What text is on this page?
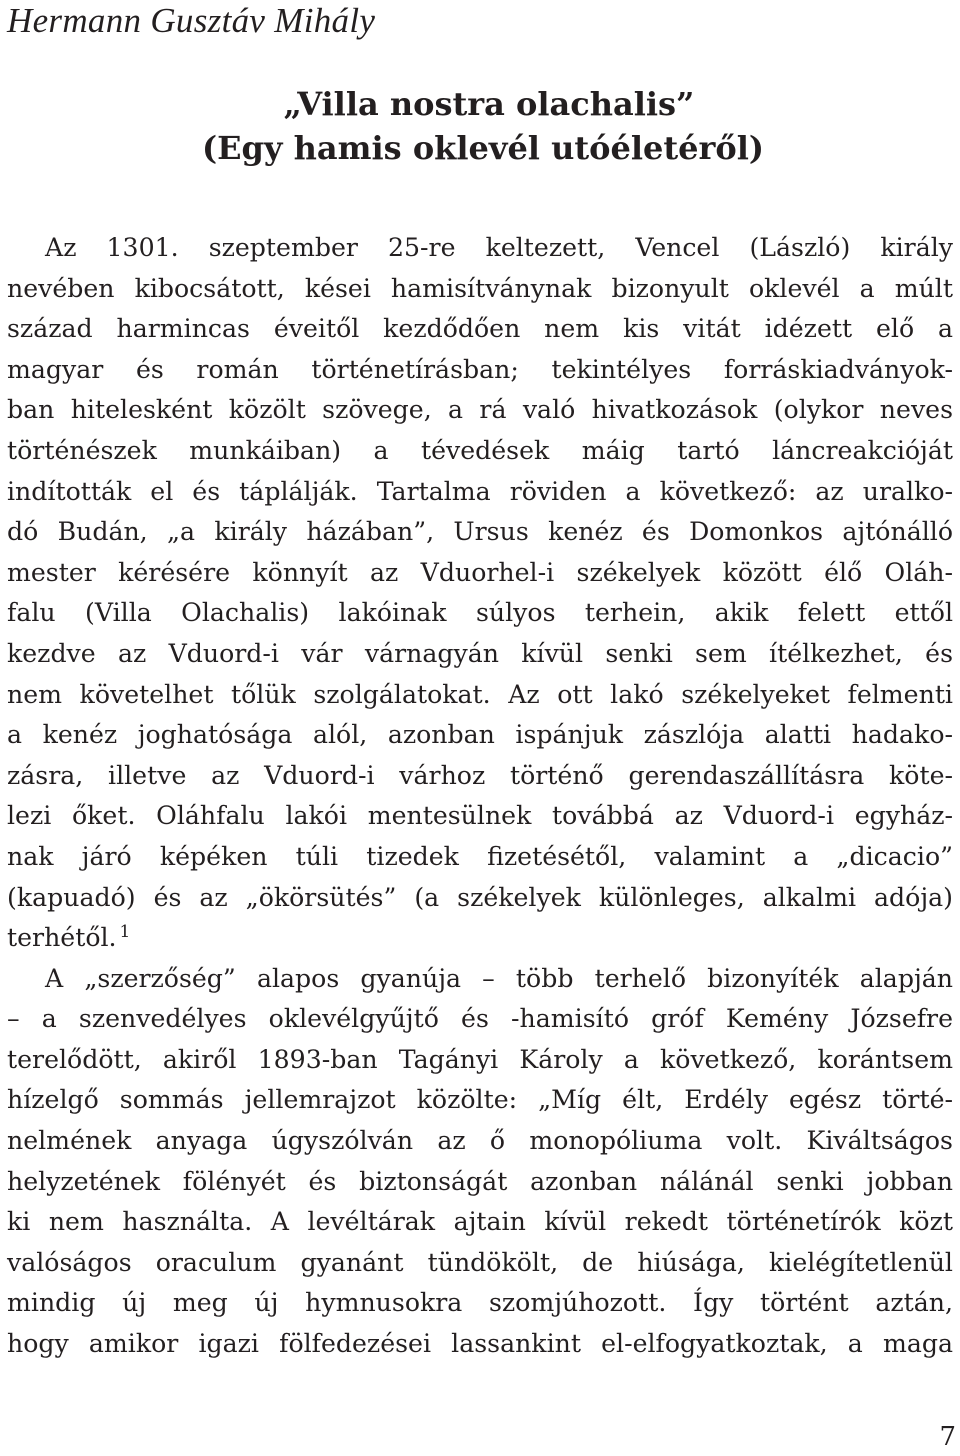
Hermann Gusztáv Mihály
„Villa nostra olachalis”
(Egy hamis oklevél utóéletéről)
Az 1301. szeptember 25-re keltezett, Vencel (László) király
nevében kibocsátott, kései hamisítványnak bizonyult oklevél a múlt
század harmincas éveitől kezdődően nem kis vitát idézett elő a
magyar és román történetírásban; tekintélyes forráskiadványok-
ban hitelesként közölt szövege, a rá való hivatkozások (olykor neves
történészek munkáiban) a tévedések máig tartó láncreakcióját
indították el és táplálják. Tartalma röviden a következő: az uralko-
dó Budán, „a király házában”, Ursus kenéz és Domonkos ajtónálló
mester kérésére könnyít az Vduorhel-i székelyek között élő Oláh-
falu (Villa Olachalis) lakóinak súlyos terhein, akik felett ettől
kezdve az Vduord-i vár várnagyán kívül senki sem ítélkezhet, és
nem követelhet tőlük szolgálatokat. Az ott lakó székelyeket felmenti
a kenéz joghatósága alól, azonban ispánjuk zászlója alatti hadako-
zásra, illetve az Vduord-i várhoz történő gerendaszállításra köte-
lezi őket. Oláhfalu lakói mentesülnek továbbá az Vduord-i egyház-
nak járó képéken túli tizedek fizetésétől, valamint a „dicacio”
(kapuadó) és az „ökörsütés” (a székelyek különleges, alkalmi adója)
terhétől. $^1$
A „szerzőség” alapos gyanúja – több terhelő bizonyíték alapján
– a szenvedélyes oklevélgyűjtő és -hamisító gróf Kemény Józsefre
terelődött, akiről 1893-ban Tagányi Károly a következő, korántsem
hízelgő sommás jellemrajzot közölte: „Míg élt, Erdély egész törté-
nelmének anyaga úgyszólván az ő monopóliuma volt. Kiváltságos
helyzetének fölényét és biztonságát azonban nálánál senki jobban
ki nem használta. A levéltárak ajtain kívül rekedt történetírók közt
valóságos oraculum gyanánt tündökölt, de hiúsága, kielégítetlenül
mindig új meg új hymnusokra szomjúhozott. Így történt aztán,
hogy amikor igazi fölfedezései lassankint el-elfogyatkoztak, a maga
7
